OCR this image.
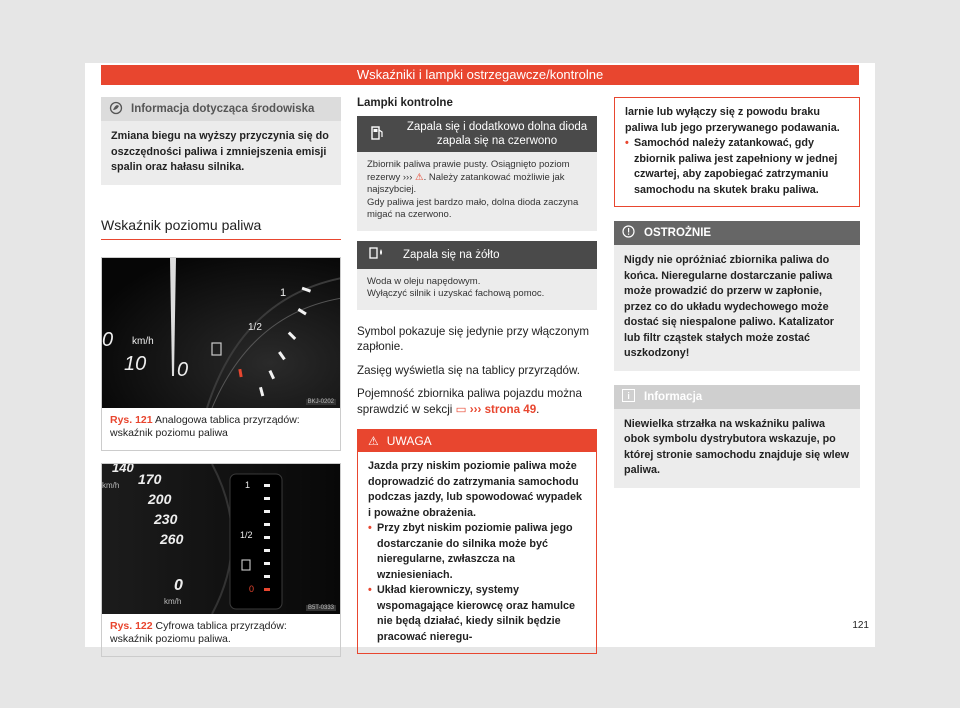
Wskaźniki i lampki ostrzegawcze/kontrolne
Informacja dotycząca środowiska
Zmiana biegu na wyższy przyczynia się do oszczędności paliwa i zmniejszenia emisji spalin oraz hałasu silnika.
Wskaźnik poziomu paliwa
1
1/2
km/h
10 0
0
BKJ-0202
Rys. 121 Analogowa tablica przyrządów: wskaźnik poziomu paliwa
140
170
200
230
260
0
km/h
km/h
1
1/2
0
B5T-0333
Rys. 122 Cyfrowa tablica przyrządów: wskaźnik poziomu paliwa.
Lampki kontrolne
Zapala się i dodatkowo dolna dioda zapala się na czerwono
Zbiornik paliwa prawie pusty. Osiągnięto poziom rezerwy ››› ⚠. Należy zatankować możliwie jak najszybciej.
Gdy paliwa jest bardzo mało, dolna dioda zaczyna migać na czerwono.
Zapala się na żółto
Woda w oleju napędowym.
Wyłączyć silnik i uzyskać fachową pomoc.
Symbol pokazuje się jedynie przy włączonym zapłonie.
Zasięg wyświetla się na tablicy przyrządów.
Pojemność zbiornika paliwa pojazdu można sprawdzić w sekcji ▭ ››› strona 49.
⚠ UWAGA
Jazda przy niskim poziomie paliwa może doprowadzić do zatrzymania samochodu podczas jazdy, lub spowodować wypadek i poważne obrażenia.
• Przy zbyt niskim poziomie paliwa jego dostarczanie do silnika może być nieregularne, zwłaszcza na wzniesieniach.
• Układ kierowniczy, systemy wspomagające kierowcę oraz hamulce nie będą działać, kiedy silnik będzie pracować nieregu-
larnie lub wyłączy się z powodu braku paliwa lub jego przerywanego podawania.
• Samochód należy zatankować, gdy zbiornik paliwa jest zapełniony w jednej czwartej, aby zapobiegać zatrzymaniu samochodu na skutek braku paliwa.
OSTROŻNIE
Nigdy nie opróżniać zbiornika paliwa do końca. Nieregularne dostarczanie paliwa może prowadzić do przerw w zapłonie, przez co do układu wydechowego może dostać się niespalone paliwo. Katalizator lub filtr cząstek stałych może zostać uszkodzony!
Informacja
Niewielka strzałka na wskaźniku paliwa obok symbolu dystrybutora wskazuje, po której stronie samochodu znajduje się wlew paliwa.
121
